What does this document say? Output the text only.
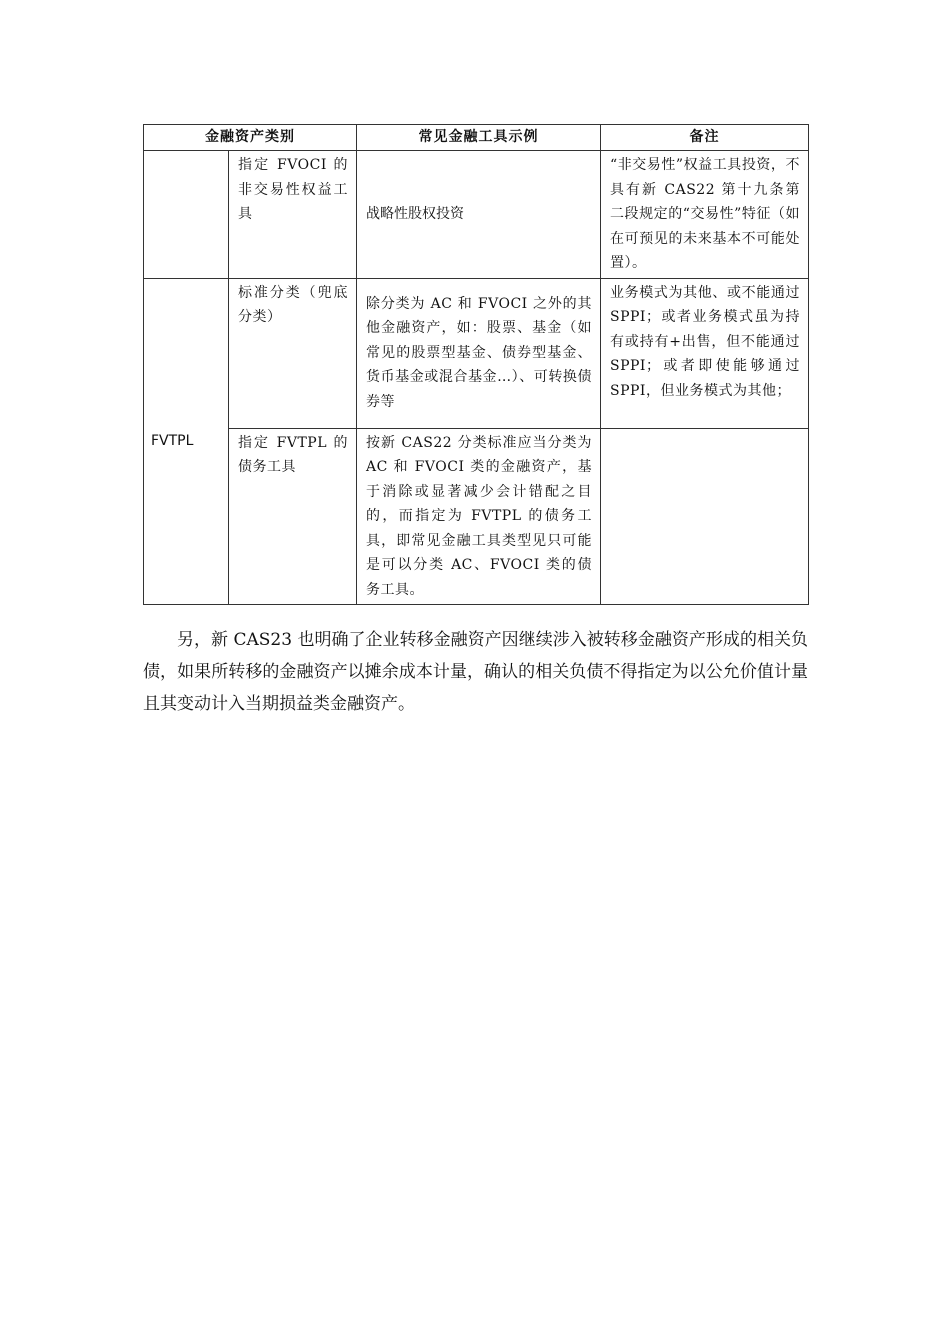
金融资产类别		常见金融工具示例	备注
	指定 FVOCI 的非交易性权益工具	战略性股权投资	“非交易性”权益工具投资，不具有新 CAS22 第十九条第二段规定的“交易性”特征（如在可预见的未来基本不可能处置）。
FVTPL	标准分类（兜底分类）	除分类为 AC 和 FVOCI 之外的其他金融资产，如：股票、基金（如常见的股票型基金、债券型基金、货币基金或混合基金…）、可转换债券等	业务模式为其他、或不能通过 SPPI；或者业务模式虽为持有或持有+出售，但不能通过 SPPI；或者即使能够通过 SPPI，但业务模式为其他；
	指定 FVTPL 的债务工具	按新 CAS22 分类标准应当分类为 AC 和 FVOCI 类的金融资产，基于消除或显著减少会计错配之目的，而指定为 FVTPL 的债务工具，即常见金融工具类型见只可能是可以分类 AC、FVOCI 类的债务工具。	

另，新 CAS23 也明确了企业转移金融资产因继续涉入被转移金融资产形成的相关负债，如果所转移的金融资产以摊余成本计量，确认的相关负债不得指定为以公允价值计量且其变动计入当期损益类金融资产。
